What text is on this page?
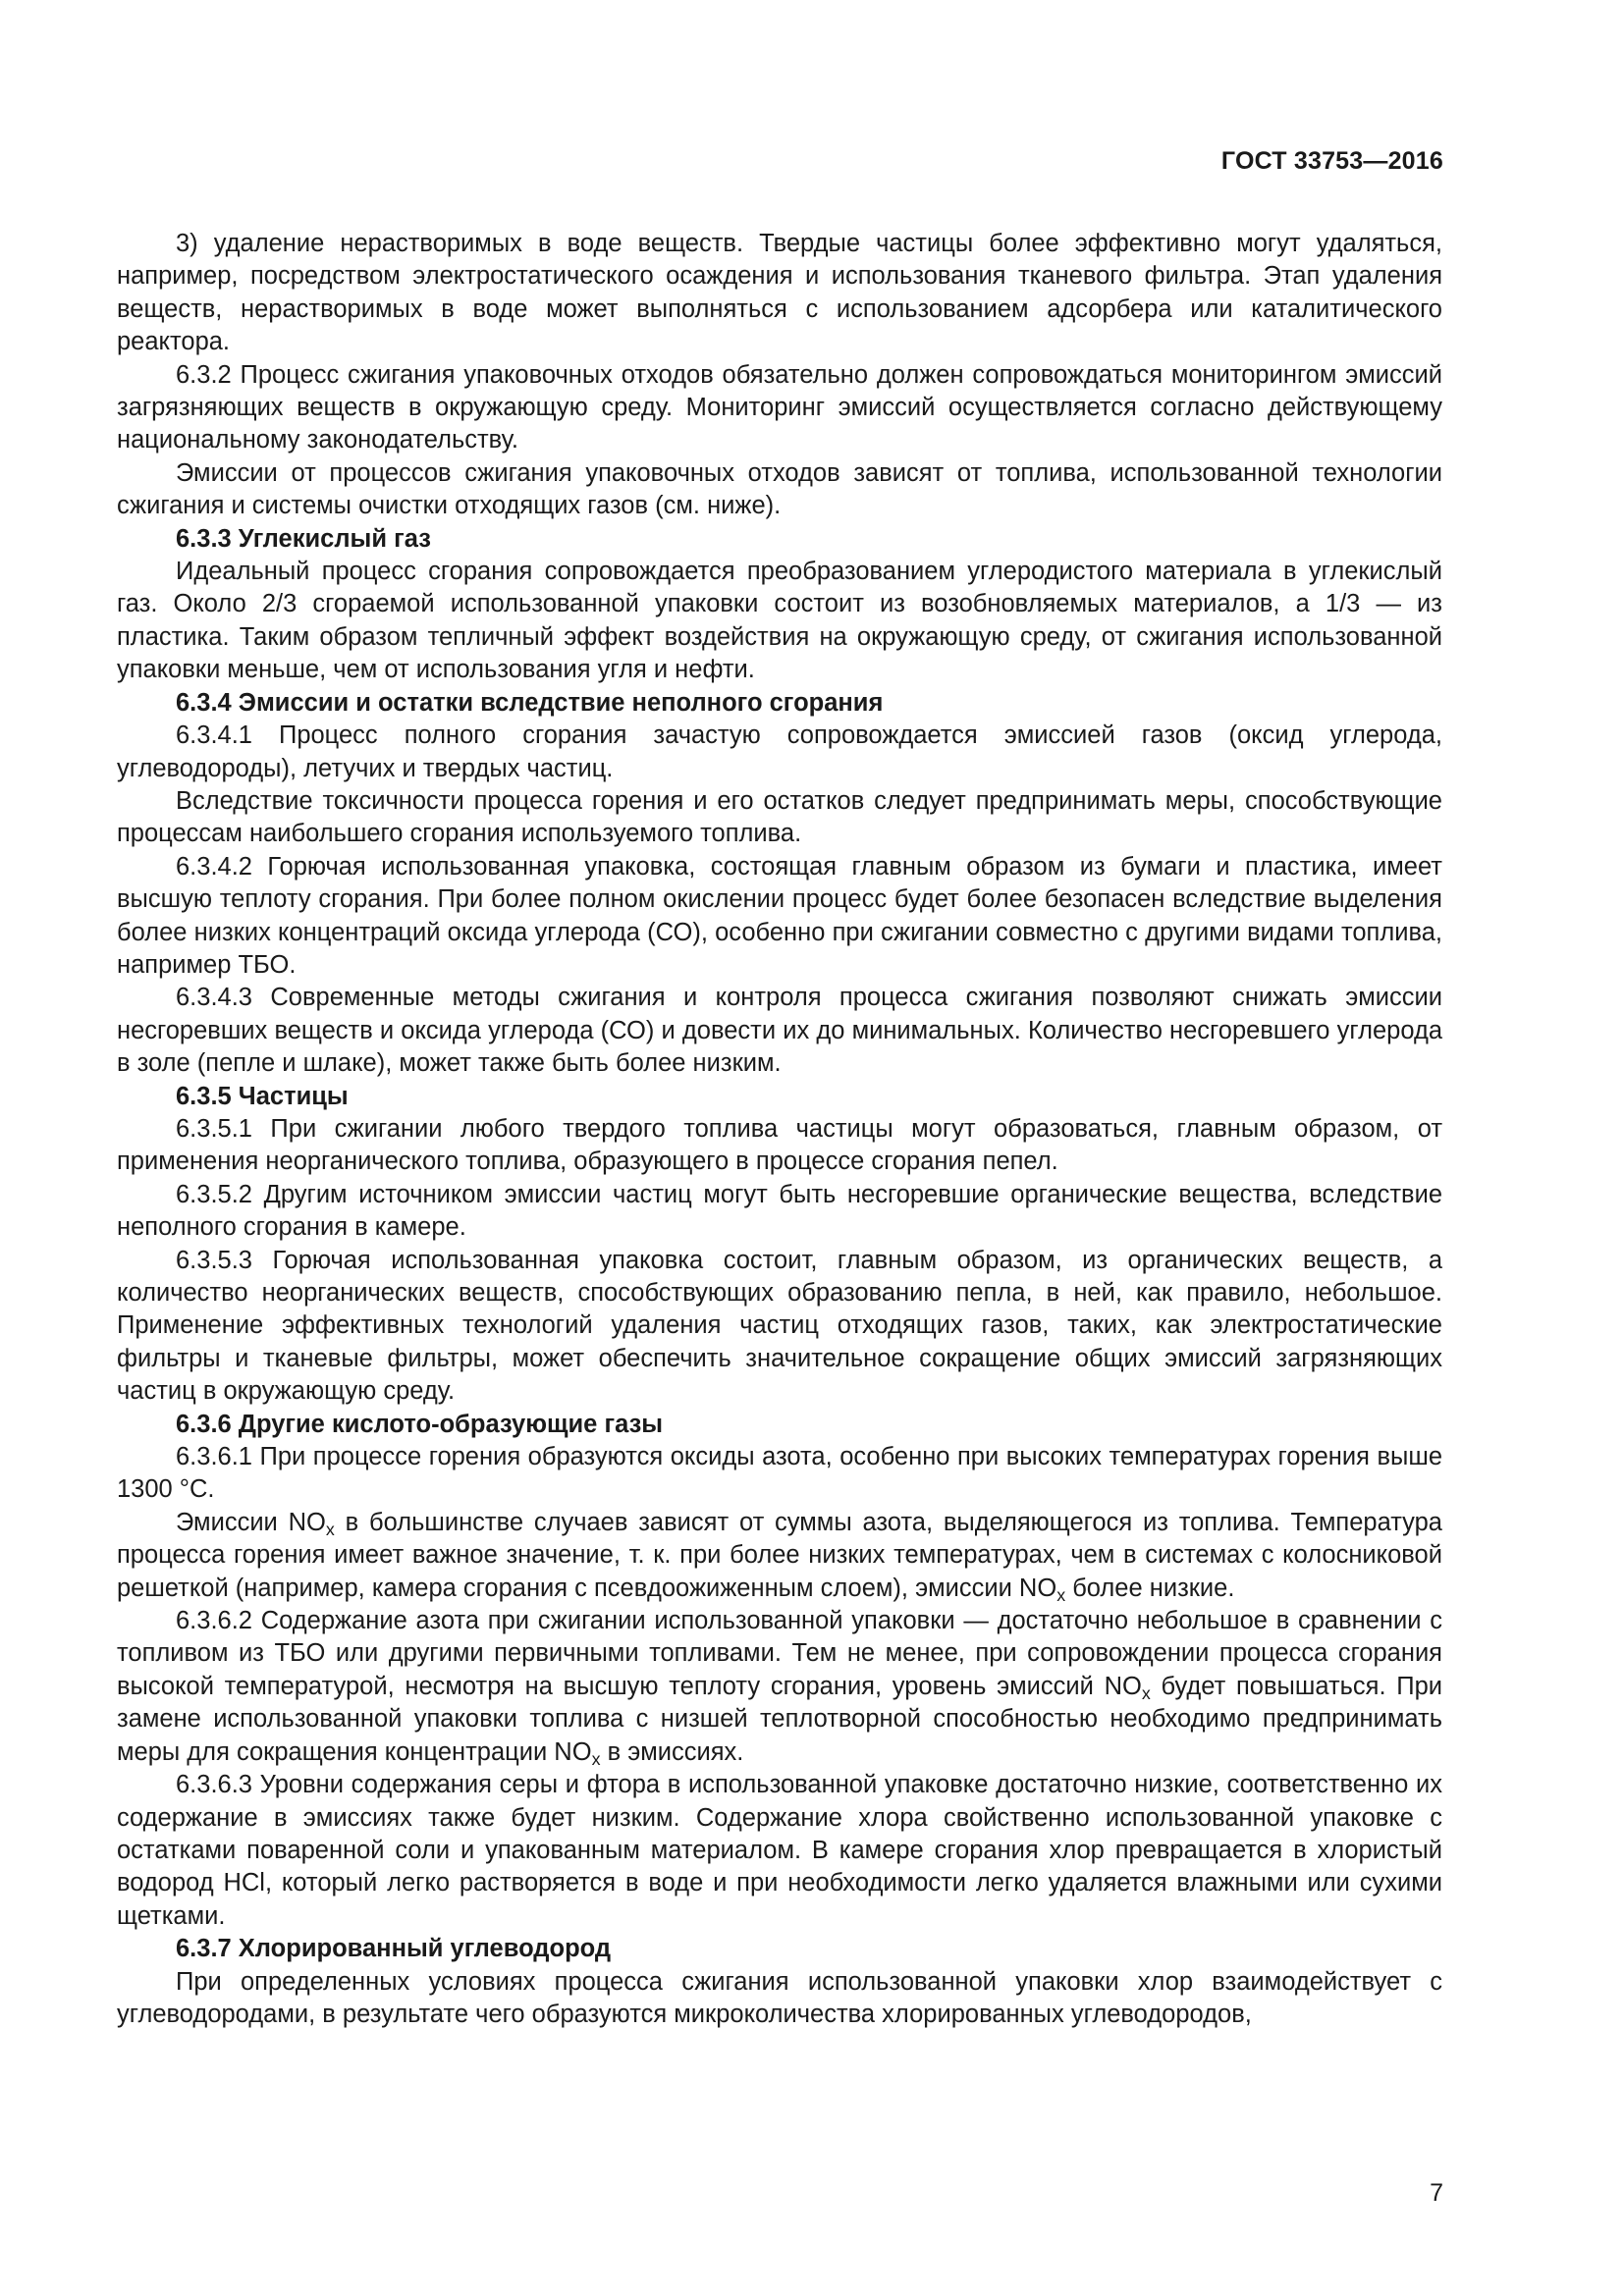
ГОСТ 33753—2016

3) удаление нерастворимых в воде веществ. Твердые частицы более эффективно могут удаляться, например, посредством электростатического осаждения и использования тканевого фильтра. Этап удаления веществ, нерастворимых в воде может выполняться с использованием адсорбера или каталитического реактора.

6.3.2 Процесс сжигания упаковочных отходов обязательно должен сопровождаться мониторингом эмиссий загрязняющих веществ в окружающую среду. Мониторинг эмиссий осуществляется согласно действующему национальному законодательству.

Эмиссии от процессов сжигания упаковочных отходов зависят от топлива, использованной технологии сжигания и системы очистки отходящих газов (см. ниже).

6.3.3 Углекислый газ

Идеальный процесс сгорания сопровождается преобразованием углеродистого материала в углекислый газ. Около 2/3 сгораемой использованной упаковки состоит из возобновляемых материалов, а 1/3 — из пластика. Таким образом тепличный эффект воздействия на окружающую среду, от сжигания использованной упаковки меньше, чем от использования угля и нефти.

6.3.4 Эмиссии и остатки вследствие неполного сгорания

6.3.4.1 Процесс полного сгорания зачастую сопровождается эмиссией газов (оксид углерода, углеводороды), летучих и твердых частиц.

Вследствие токсичности процесса горения и его остатков следует предпринимать меры, способствующие процессам наибольшего сгорания используемого топлива.

6.3.4.2 Горючая использованная упаковка, состоящая главным образом из бумаги и пластика, имеет высшую теплоту сгорания. При более полном окислении процесс будет более безопасен вследствие выделения более низких концентраций оксида углерода (СО), особенно при сжигании совместно с другими видами топлива, например ТБО.

6.3.4.3 Современные методы сжигания и контроля процесса сжигания позволяют снижать эмиссии несгоревших веществ и оксида углерода (СО) и довести их до минимальных. Количество несгоревшего углерода в золе (пепле и шлаке), может также быть более низким.

6.3.5 Частицы

6.3.5.1 При сжигании любого твердого топлива частицы могут образоваться, главным образом, от применения неорганического топлива, образующего в процессе сгорания пепел.

6.3.5.2 Другим источником эмиссии частиц могут быть несгоревшие органические вещества, вследствие неполного сгорания в камере.

6.3.5.3 Горючая использованная упаковка состоит, главным образом, из органических веществ, а количество неорганических веществ, способствующих образованию пепла, в ней, как правило, небольшое. Применение эффективных технологий удаления частиц отходящих газов, таких, как электростатические фильтры и тканевые фильтры, может обеспечить значительное сокращение общих эмиссий загрязняющих частиц в окружающую среду.

6.3.6 Другие кислото-образующие газы

6.3.6.1 При процессе горения образуются оксиды азота, особенно при высоких температурах горения выше 1300 °С.

Эмиссии $NO_x$ в большинстве случаев зависят от суммы азота, выделяющегося из топлива. Температура процесса горения имеет важное значение, т. к. при более низких температурах, чем в системах с колосниковой решеткой (например, камера сгорания с псевдоожиженным слоем), эмиссии $NO_x$ более низкие.

6.3.6.2 Содержание азота при сжигании использованной упаковки — достаточно небольшое в сравнении с топливом из ТБО или другими первичными топливами. Тем не менее, при сопровождении процесса сгорания высокой температурой, несмотря на высшую теплоту сгорания, уровень эмиссий $NO_x$ будет повышаться. При замене использованной упаковки топлива с низшей теплотворной способностью необходимо предпринимать меры для сокращения концентрации $NO_x$ в эмиссиях.

6.3.6.3 Уровни содержания серы и фтора в использованной упаковке достаточно низкие, соответственно их содержание в эмиссиях также будет низким. Содержание хлора свойственно использованной упаковке с остатками поваренной соли и упакованным материалом. В камере сгорания хлор превращается в хлористый водород HCl, который легко растворяется в воде и при необходимости легко удаляется влажными или сухими щетками.

6.3.7 Хлорированный углеводород

При определенных условиях процесса сжигания использованной упаковки хлор взаимодействует с углеводородами, в результате чего образуются микроколичества хлорированных углеводородов,

7
